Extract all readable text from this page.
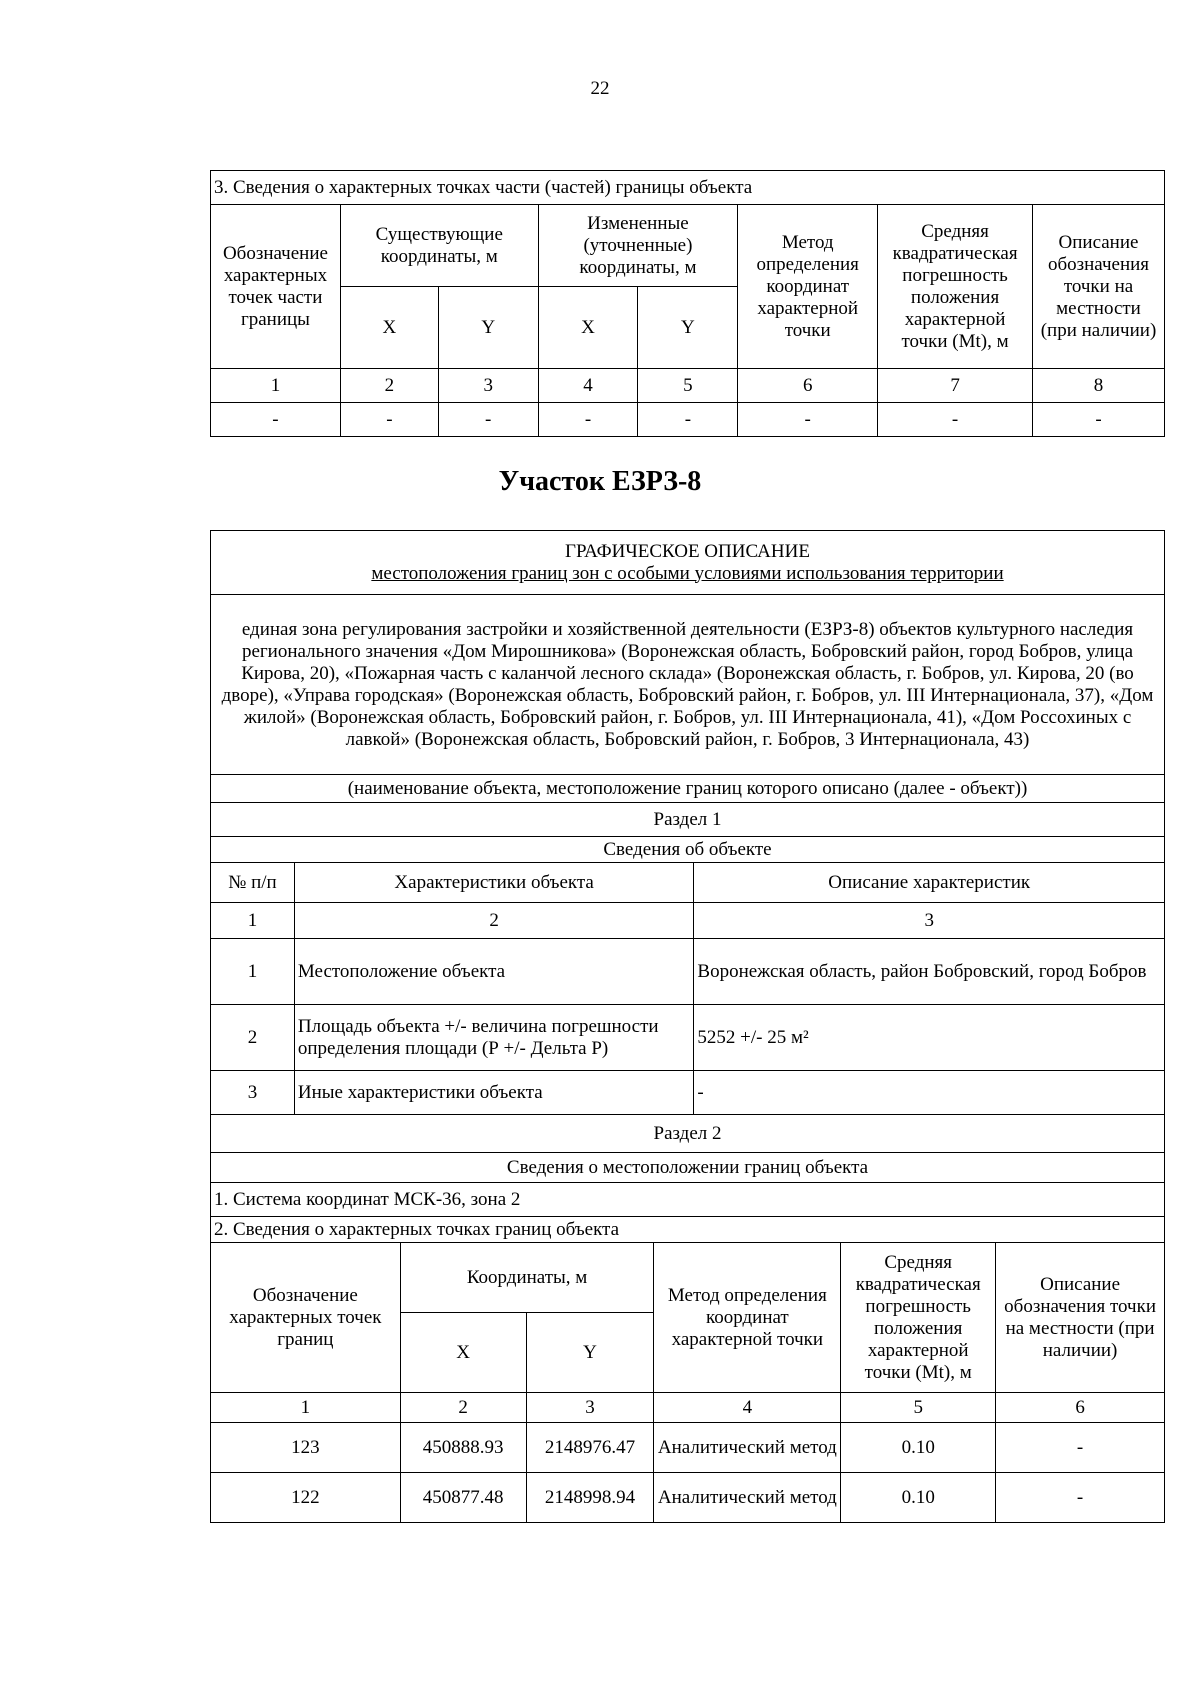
22
3. Сведения о характерных точках части (частей) границы объекта							
Обозначение характерных точек части границы	Существующие координаты, м		Измененные (уточненные) координаты, м		Метод определения координат характерной точки	Средняя квадратическая погрешность положения характерной точки (Mt), м	Описание обозначения точки на местности (при наличии)
	X	Y	X	Y			
1	2	3	4	5	6	7	8
-	-	-	-	-	-	-	-
Участок ЕЗРЗ-8
ГРАФИЧЕСКОЕ ОПИСАНИЕ
местоположения границ зон с особыми условиями использования территории							

единая зона регулирования застройки и хозяйственной деятельности (ЕЗРЗ-8) объектов культурного наследия регионального значения «Дом Мирошникова» (Воронежская область, Бобровский район, город Бобров, улица Кирова, 20), «Пожарная часть с каланчой лесного склада» (Воронежская область, г. Бобров, ул. Кирова, 20 (во дворе), «Управа городская» (Воронежская область, Бобровский район, г. Бобров, ул. III Интернационала, 37), «Дом жилой» (Воронежская область, Бобровский район, г. Бобров, ул. III Интернационала, 41), «Дом Россохиных с лавкой» (Воронежская область, Бобровский район, г. Бобров, 3 Интернационала, 43)							
(наименование объекта, местоположение границ которого описано (далее - объект))							
Раздел 1							
Сведения об объекте							
№ п/п	Характеристики объекта				Описание характеристик		
1	2				3		
1	Местоположение объекта				Воронежская область, район Бобровский, город Бобров		
2	Площадь объекта +/- величина погрешности определения площади (Р +/- Дельта Р)				5252 +/- 25 м²		
3	Иные характеристики объекта				-		
Раздел 2							
Сведения о местоположении границ объекта							
1. Система координат МСК-36, зона 2							
2. Сведения о характерных точках границ объекта							
Обозначение характерных точек границ		Координаты, м		Метод определения координат характерной точки		Средняя квадратическая погрешность положения характерной точки (Mt), м	Описание обозначения точки на местности (при наличии)
		X	Y				
1		2	3	4		5	6
123		450888.93	2148976.47	Аналитический метод		0.10	-
122		450877.48	2148998.94	Аналитический метод		0.10	-
